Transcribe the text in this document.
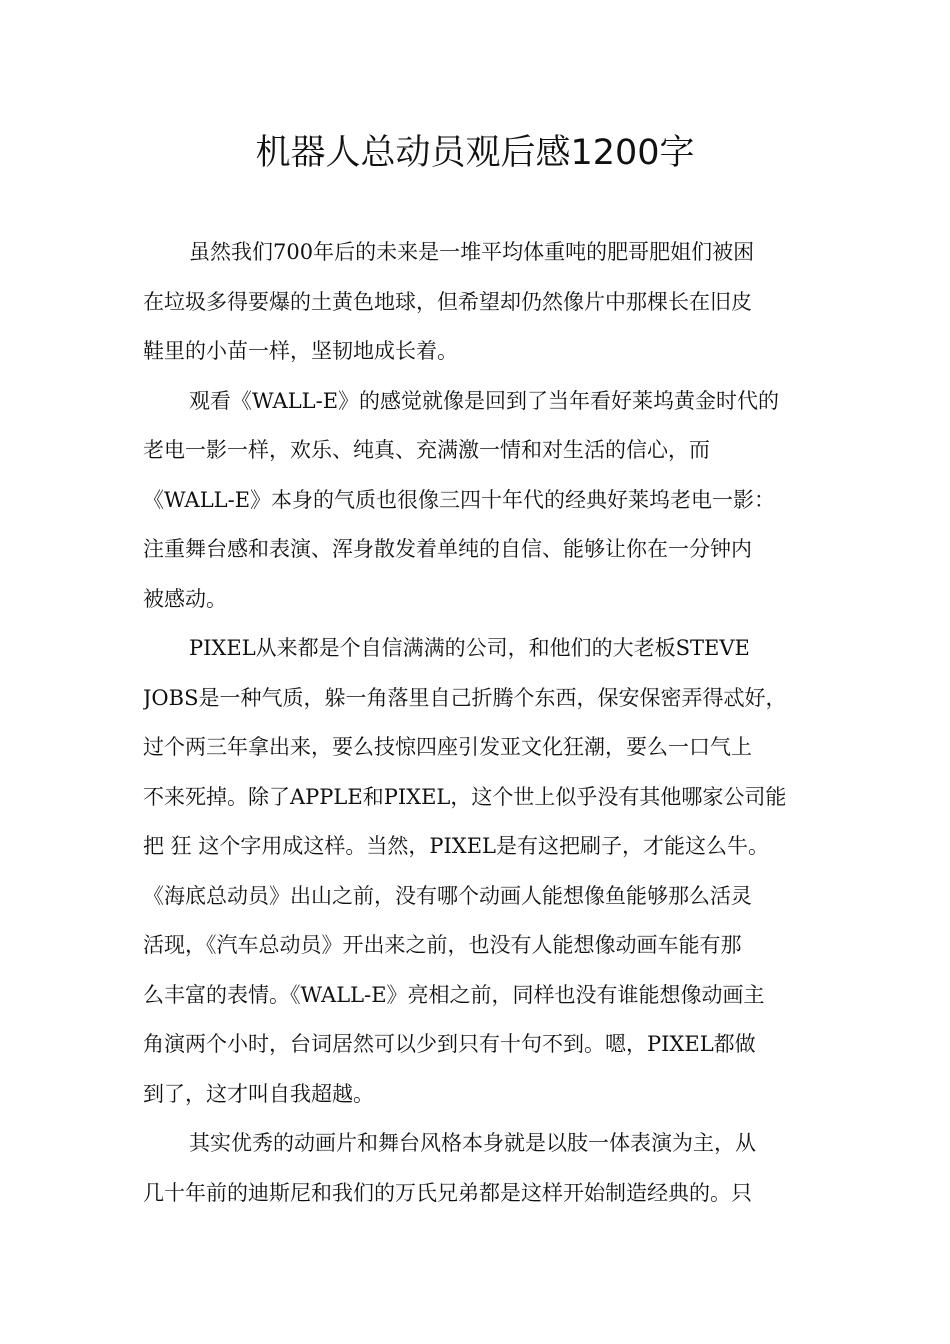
机器人总动员观后感1200字
虽然我们700年后的未来是一堆平均体重吨的肥哥肥姐们被困
在垃圾多得要爆的土黄色地球，但希望却仍然像片中那棵长在旧皮
鞋里的小苗一样，坚韧地成长着。
观看《WALL-E》的感觉就像是回到了当年看好莱坞黄金时代的
老电一影一样，欢乐、纯真、充满激一情和对生活的信心，而
《WALL-E》本身的气质也很像三四十年代的经典好莱坞老电一影：
注重舞台感和表演、浑身散发着单纯的自信、能够让你在一分钟内
被感动。
PIXEL从来都是个自信满满的公司，和他们的大老板STEVE
JOBS是一种气质，躲一角落里自己折腾个东西，保安保密弄得忒好，
过个两三年拿出来，要么技惊四座引发亚文化狂潮，要么一口气上
不来死掉。除了APPLE和PIXEL，这个世上似乎没有其他哪家公司能
把 狂 这个字用成这样。当然，PIXEL是有这把刷子，才能这么牛。
《海底总动员》出山之前，没有哪个动画人能想像鱼能够那么活灵
活现，《汽车总动员》开出来之前，也没有人能想像动画车能有那
么丰富的表情。《WALL-E》亮相之前，同样也没有谁能想像动画主
角演两个小时，台词居然可以少到只有十句不到。嗯，PIXEL都做
到了，这才叫自我超越。
其实优秀的动画片和舞台风格本身就是以肢一体表演为主，从
几十年前的迪斯尼和我们的万氏兄弟都是这样开始制造经典的。只
